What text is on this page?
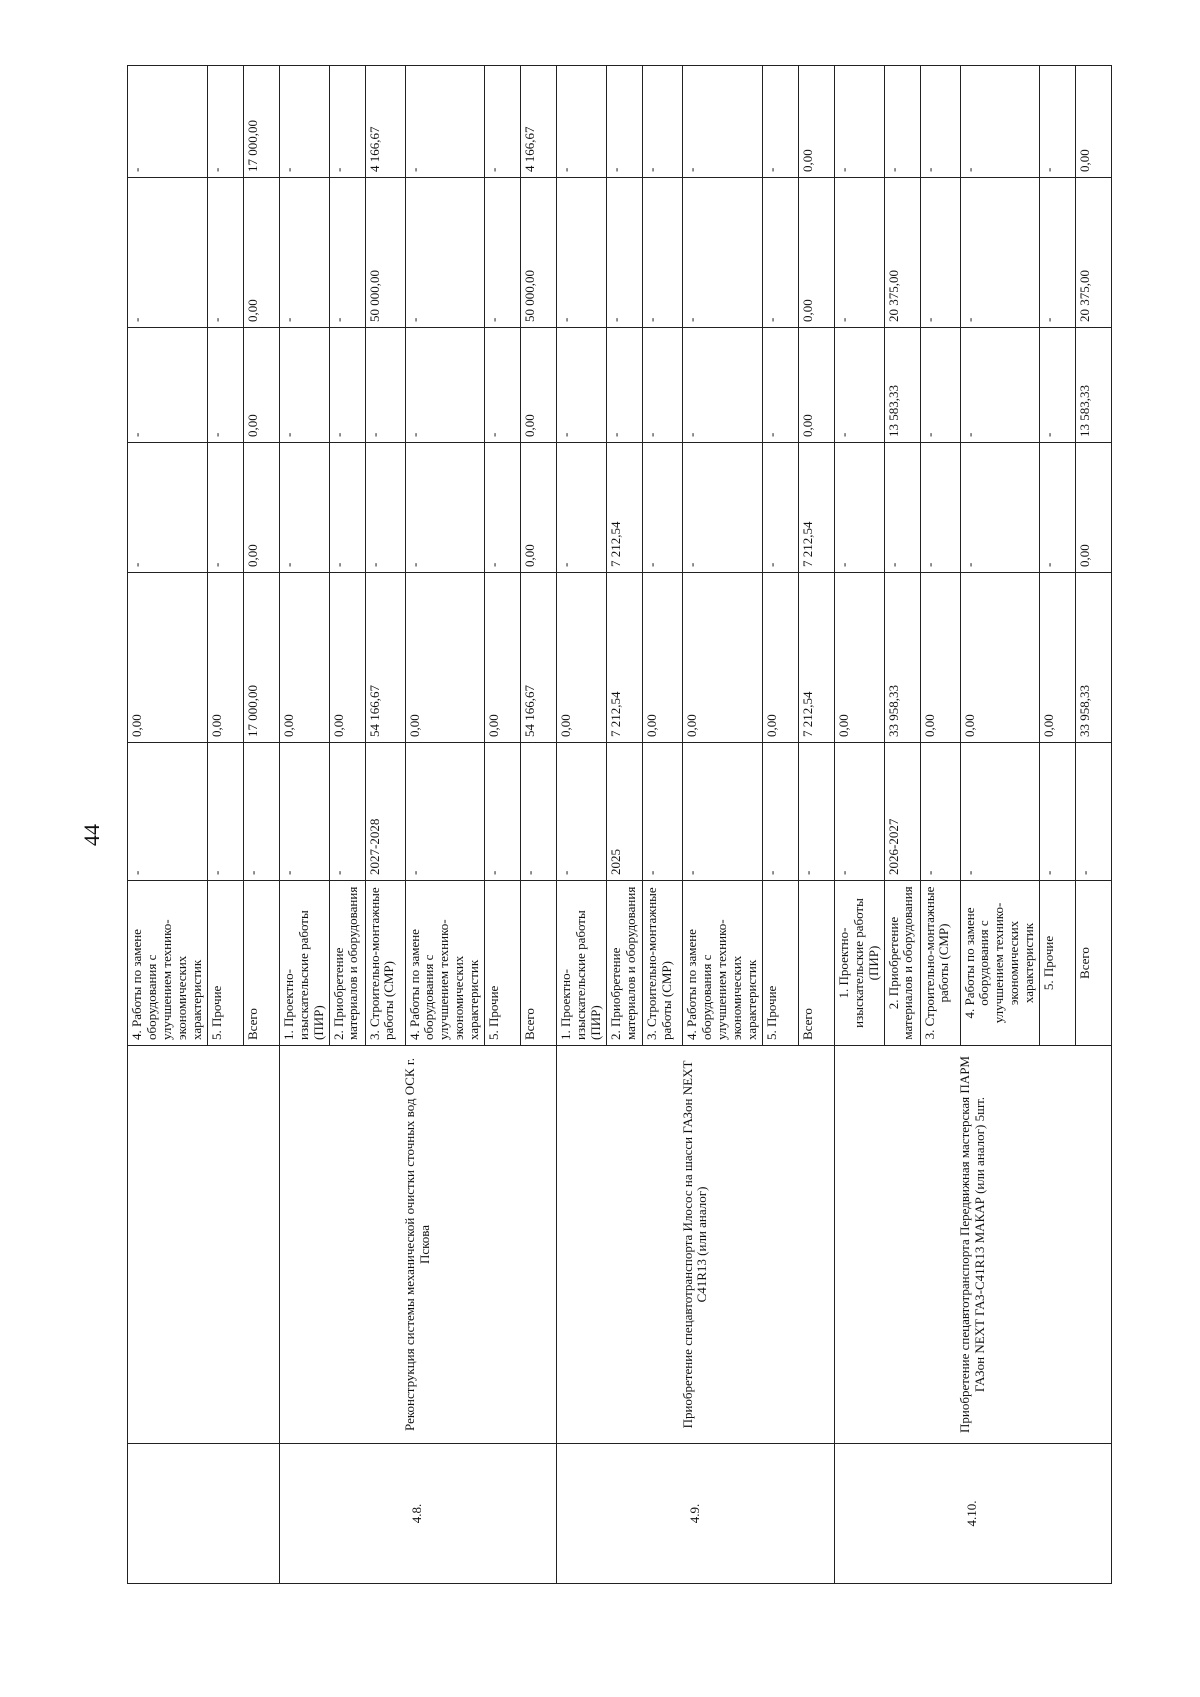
44
		4. Работы по замене оборудования с улучшением технико-экономических характеристик	-	0,00	-	-	-	-
		5. Прочие	-	0,00	-	-	-	-
		Всего	-	17 000,00	0,00	0,00	0,00	17 000,00
4.8.	Реконструкция системы механической очистки сточных вод ОСК г. Пскова	1. Проектно-изыскательские работы (ПИР)	-	0,00	-	-	-	-
		2. Приобретение материалов и оборудования	-	0,00	-	-	-	-
		3. Строительно-монтажные работы (СМР)	2027-2028	54 166,67	-	-	50 000,00	4 166,67
		4. Работы по замене оборудования с улучшением технико-экономических характеристик	-	0,00	-	-	-	-
		5. Прочие	-	0,00	-	-	-	-
		Всего	-	54 166,67	0,00	0,00	50 000,00	4 166,67
4.9.	Приобретение спецавтотранспорта Илосос на шасси ГАЗон NEXT C41R13 (или аналог)	1. Проектно-изыскательские работы (ПИР)	-	0,00	-	-	-	-
		2. Приобретение материалов и оборудования	2025	7 212,54	7 212,54	-	-	-
		3. Строительно-монтажные работы (СМР)	-	0,00	-	-	-	-
		4. Работы по замене оборудования с улучшением технико-экономических характеристик	-	0,00	-	-	-	-
		5. Прочие	-	0,00	-	-	-	-
		Всего	-	7 212,54	7 212,54	0,00	0,00	0,00
4.10.	Приобретение спецавтотранспорта Передвижная мастерская ПАРМ ГАЗон NEXT ГАЗ-C41R13 МАКАР (или аналог) 5шт.	1. Проектно-изыскательские работы (ПИР)	-	0,00	-	-	-	-
		2. Приобретение материалов и оборудования	2026-2027	33 958,33	-	13 583,33	20 375,00	-
		3. Строительно-монтажные работы (СМР)	-	0,00	-	-	-	-
		4. Работы по замене оборудования с улучшением технико-экономических характеристик	-	0,00	-	-	-	-
		5. Прочие	-	0,00	-	-	-	-
		Всего	-	33 958,33	0,00	13 583,33	20 375,00	0,00
